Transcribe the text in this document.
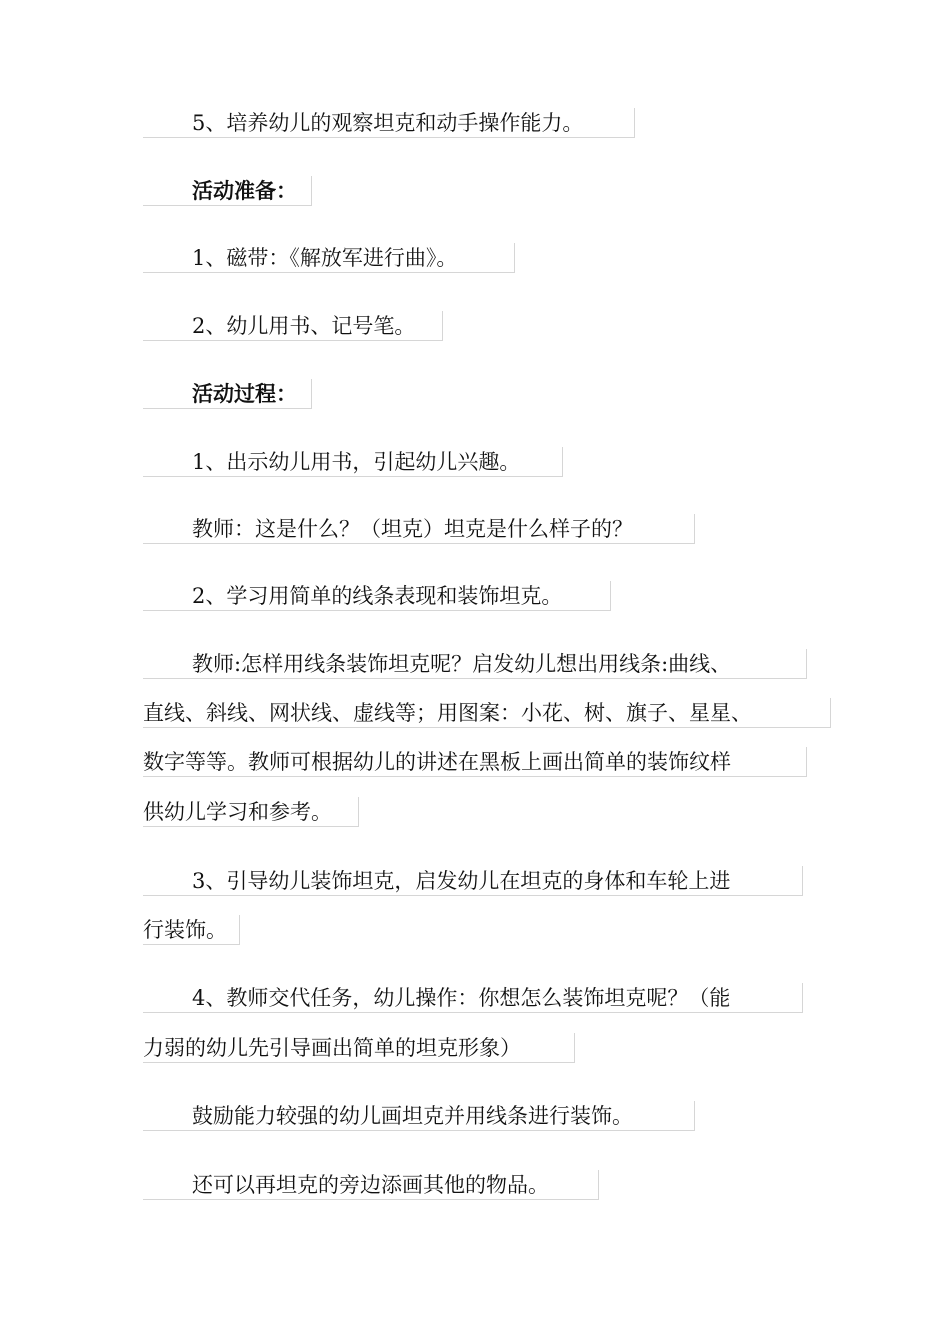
5、培养幼儿的观察坦克和动手操作能力。
活动准备：
1、磁带：《解放军进行曲》。
2、幼儿用书、记号笔。
活动过程：
1、出示幼儿用书，引起幼儿兴趣。
教师：这是什么？（坦克）坦克是什么样子的？
2、学习用简单的线条表现和装饰坦克。
教师:怎样用线条装饰坦克呢？启发幼儿想出用线条:曲线、
直线、斜线、网状线、虚线等；用图案：小花、树、旗子、星星、
数字等等。教师可根据幼儿的讲述在黑板上画出简单的装饰纹样
供幼儿学习和参考。
3、引导幼儿装饰坦克，启发幼儿在坦克的身体和车轮上进
行装饰。
4、教师交代任务，幼儿操作：你想怎么装饰坦克呢？（能
力弱的幼儿先引导画出简单的坦克形象）
鼓励能力较强的幼儿画坦克并用线条进行装饰。
还可以再坦克的旁边添画其他的物品。
